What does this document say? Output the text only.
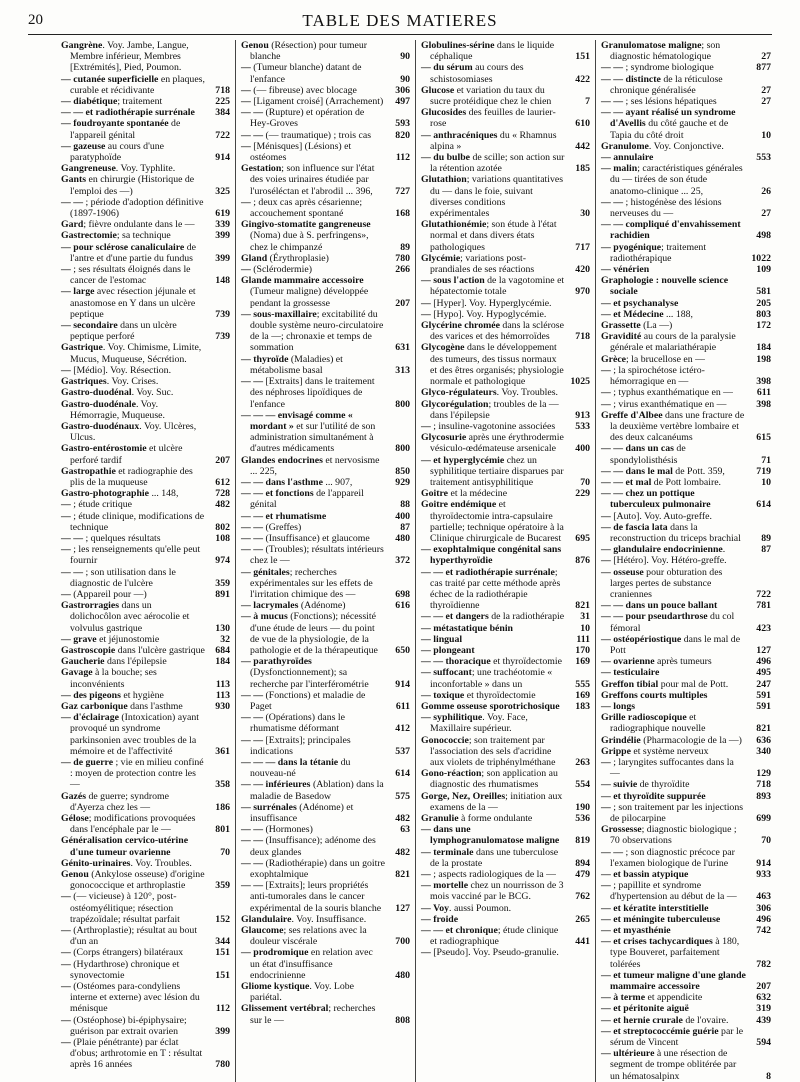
20	TABLE DES MATIERES
Gangrène. Voy. Jambe, Langue, Membre inférieur, Membres [Extrémités], Pied, Poumon.
— cutanée superficielle en plaques, curable et récidivante	718
— diabétique; traitement	225
— — et radiothérapie surrénale	384
— foudroyante spontanée de l'appareil génital	722
— gazeuse au cours d'une paratyphoïde	914
Gangreneuse. Voy. Typhlite.
Gants en chirurgie (Historique de l'emploi des —)	325
— — ; période d'adoption définitive (1897-1906)	619
Gard; fièvre ondulante dans le —	339
Gastrectomie; sa technique	399
— pour sclérose canaliculaire de l'antre et d'une partie du fundus	399
— ; ses résultats éloignés dans le cancer de l'estomac	148
— large avec résection jéjunale et anastomose en Y dans un ulcère peptique	739
— secondaire dans un ulcère peptique perforé	739
Gastrique. Voy. Chimisme, Limite, Mucus, Muqueuse, Sécrétion.
— [Médio]. Voy. Résection.
Gastriques. Voy. Crises.
Gastro-duodénal. Voy. Suc.
Gastro-duodénale. Voy. Hémorragie, Muqueuse.
Gastro-duodénaux. Voy. Ulcères, Ulcus.
Gastro-entérostomie et ulcère perforé tardif	207
Gastropathie et radiographie des plis de la muqueuse	612
Gastro-photographie ... 148,	728
— ; étude critique	482
— ; étude clinique, modifications de technique	802
— — ; quelques résultats	108
— ; les renseignements qu'elle peut fournir	974
— — ; son utilisation dans le diagnostic de l'ulcère	359
— (Appareil pour —)	891
Gastrorragies dans un dolichocôlon avec aérocolie et volvulus gastrique	130
— grave et jéjunostomie	32
Gastroscopie dans l'ulcère gastrique	684
Gaucherie dans l'épilepsie	184
Gavage à la bouche; ses inconvénients	113
— des pigeons et hygiène	113
Gaz carbonique dans l'asthme	930
— d'éclairage (Intoxication) ayant provoqué un syndrome parkinsonien avec troubles de la mémoire et de l'affectivité	361
— de guerre ; vie en milieu confiné : moyen de protection contre les —	358
Gazés de guerre; syndrome d'Ayerza chez les —	186
Gélose; modifications provoquées dans l'encéphale par le —	801
Généralisation cervico-utérine d'une tumeur ovarienne	70
Génito-urinaires. Voy. Troubles.
Genou (Ankylose osseuse) d'origine gonococcique et arthroplastie	359
— (— vicieuse) à 120°, post-ostéomyélitique; résection trapézoïdale; résultat parfait	152
— (Arthroplastie); résultat au bout d'un an	344
— (Corps étrangers) bilatéraux	151
— (Hydarthrose) chronique et synovectomie	151
— (Ostéomes para-condyliens interne et externe) avec lésion du ménisque	112
— (Ostéophose) bi-épiphysaire; guérison par extrait ovarien	399
— (Plaie pénétrante) par éclat d'obus; arthrotomie en T : résultat après 16 années	780
Genou (Résection) pour tumeur blanche	90
— (Tumeur blanche) datant de l'enfance	90
— (— fibreuse) avec blocage	306
— [Ligament croisé] (Arrachement)	497
— — (Rupture) et opération de Hey-Groves	593
— — (— traumatique) ; trois cas	820
— [Ménisques] (Lésions) et ostéomes	112
Gestation; son influence sur l'état des voies urinaires étudiée par l'uroséléctan et l'abrodil ... 396,	727
— ; deux cas après césarienne; accouchement spontané	168
Gingivo-stomatite gangreneuse (Noma) due à S. perfringens», chez le chimpanzé	89
Gland (Érythroplasie)	780
— (Sclérodermie)	266
Glande mammaire accessoire (Tumeur maligne) développée pendant la grossesse	207
— sous-maxillaire; excitabilité du double système neuro-circulatoire de la —; chronaxie et temps de sommation	631
— thyroïde (Maladies) et métabolisme basal	313
— — [Extraits] dans le traitement des néphroses lipoïdiques de l'enfance	800
— — — envisagé comme « mordant » et sur l'utilité de son administration simultanément à d'autres médicaments	800
Glandes endocrines et nervosisme ... 225,	850
— — dans l'asthme ... 907,	929
— — et fonctions de l'appareil génital	88
— — et rhumatisme	400
— — (Greffes)	87
— — (Insuffisance) et glaucome	480
— — (Troubles); résultats intérieurs chez le —	372
— génitales; recherches expérimentales sur les effets de l'irritation chimique des —	698
— lacrymales (Adénome)	616
— à mucus (Fonctions); nécessité d'une étude de leurs — du point de vue de la physiologie, de la pathologie et de la thérapeutique	650
— parathyroïdes (Dysfonctionnement); sa recherche par l'interférométrie	914
— — (Fonctions) et maladie de Paget	611
— — (Opérations) dans le rhumatisme déformant	412
— — [Extraits]; principales indications	537
— — — dans la tétanie du nouveau-né	614
— — inférieures (Ablation) dans la maladie de Basedow	575
— surrénales (Adénome) et insuffisance	482
— — (Hormones)	63
— — (Insuffisance); adénome des deux glandes	482
— — (Radiothérapie) dans un goitre exophtalmique	821
— — [Extraits]; leurs propriétés anti-tumorales dans le cancer expérimental de la souris blanche	127
Glandulaire. Voy. Insuffisance.
Glaucome; ses relations avec la douleur viscérale	700
— prodromique en relation avec un état d'insuffisance endocrinienne	480
Gliome kystique. Voy. Lobe pariétal.
Glissement vertébral; recherches sur le —	808
Globulines-sérine dans le liquide céphalique	151
— du sérum au cours des schistosomiases	422
Glucose et variation du taux du sucre protéidique chez le chien	7
Glucosides des feuilles de laurier-rose	610
— anthracéniques du « Rhamnus alpina »	442
— du bulbe de scille; son action sur la rétention azotée	185
Glutathion; variations quantitatives du — dans le foie, suivant diverses conditions expérimentales	30
Glutathionémie; son étude à l'état normal et dans divers états pathologiques	717
Glycémie; variations post-prandiales de ses réactions	420
— sous l'action de la vagotomine et hépatectomie totale	970
— [Hyper]. Voy. Hyperglycémie.
— [Hypo]. Voy. Hypoglycémie.
Glycérine chromée dans la sclérose des varices et des hémorroïdes	718
Glycogène dans le développement des tumeurs, des tissus normaux et des êtres organisés; physiologie normale et pathologique	1025
Glyco-régulateurs. Voy. Troubles.
Glycorégulation; troubles de la — dans l'épilepsie	913
— ; insuline-vagotonine associées	533
Glycosurie après une érythrodermie vésiculo-œdémateuse arsenicale	400
— et hyperglycémie chez un syphilitique tertiaire disparues par traitement antisyphilitique	70
Goitre et la médecine	229
Goitre endémique et thyroïdectomie intra-capsulaire partielle; technique opératoire à la Clinique chirurgicale de Bucarest	695
— exophtalmique congénital sans hyperthyroïdie	876
— — et radiothérapie surrénale; cas traité par cette méthode après échec de la radiothérapie thyroïdienne	821
— — et dangers de la radiothérapie	31
— métastatique bénin	10
— lingual	111
— plongeant	170
— — thoracique et thyroïdectomie	169
— suffocant; une trachéotomie « inconfortable » dans un	555
— toxique et thyroïdectomie	169
Gomme osseuse sporotrichosique	183
— syphilitique. Voy. Face, Maxillaire supérieur.
Gonococcie; son traitement par l'association des sels d'acridine aux violets de triphénylméthane	263
Gono-réaction; son application au diagnostic des rhumatismes	554
Gorge, Nez, Oreilles; initiation aux examens de la —	190
Granulie à forme ondulante	536
— dans une lymphogranulomatose maligne	819
— terminale dans une tuberculose de la prostate	894
— ; aspects radiologiques de la —	479
— mortelle chez un nourrisson de 3 mois vacciné par le BCG.	762
— Voy. aussi Poumon.
— froide	265
— — et chronique; étude clinique et radiographique	441
— [Pseudo]. Voy. Pseudo-granulie.
Granulomatose maligne; son diagnostic hématologique	27
— — ; syndrome biologique	877
— — distincte de la réticulose chronique généralisée	27
— — ; ses lésions hépatiques	27
— — ayant réalisé un syndrome d'Avellis du côté gauche et de Tapia du côté droit	10
Granulome. Voy. Conjonctive.
— annulaire	553
— malin; caractéristiques générales du — tirées de son étude anatomo-clinique ... 25,	26
— — ; histogénèse des lésions nerveuses du —	27
— — compliqué d'envahissement rachidien	498
— pyogénique; traitement radiothérapique	1022
— vénérien	109
Graphologie : nouvelle science sociale	581
— et psychanalyse	205
— et Médecine ... 188,	803
Grassette (La —)	172
Gravidité au cours de la paralysie générale et malariathérapie	184
Grèce; la brucellose en —	198
— ; la spirochétose ictéro-hémorragique en —	398
— ; typhus exanthématique en —	611
— ; virus exanthématique en —	398
Greffe d'Albee dans une fracture de la deuxième vertèbre lombaire et des deux calcanéums	615
— — dans un cas de spondylolisthésis	71
— — dans le mal de Pott. 359,	719
— — et mal de Pott lombaire.	10
— — chez un pottique tuberculeux pulmonaire	614
— [Auto]. Voy. Auto-greffe.
— de fascia lata dans la reconstruction du triceps brachial	89
— glandulaire endocrinienne.	87
— [Hétéro]. Voy. Hétéro-greffe.
— osseuse pour obturation des larges pertes de substance craniennes	722
— — dans un pouce ballant	781
— — pour pseudarthrose du col fémoral	423
— ostéopériostique dans le mal de Pott	127
— ovarienne après tumeurs	496
— testiculaire	495
Greffon tibial pour mal de Pott.	247
Greffons courts multiples	591
— longs	591
Grille radioscopique et radiographique nouvelle	821
Grindélie (Pharmacologie de la —)	636
Grippe et système nerveux	340
— ; laryngites suffocantes dans la —	129
— suivie de thyroïdite	718
— et thyroïdite suppurée	893
— ; son traitement par les injections de pilocarpine	699
Grossesse; diagnostic biologique ; 70 observations	70
— — ; son diagnostic précoce par l'examen biologique de l'urine	914
— et bassin atypique	933
— ; papillite et syndrome d'hypertension au début de la —	463
— et kératite interstitielle	306
— et méningite tuberculeuse	496
— et myasthénie	742
— et crises tachycardiques à 180, type Bouveret, parfaitement tolérées	782
— et tumeur maligne d'une glande mammaire accessoire	207
— à terme et appendicite	632
— et péritonite aiguë	319
— et hernie crurale de l'ovaire.	439
— et streptococcémie guérie par le sérum de Vincent	594
— ultérieure à une résection de segment de trompe oblitérée par un hématosalpinx	8
